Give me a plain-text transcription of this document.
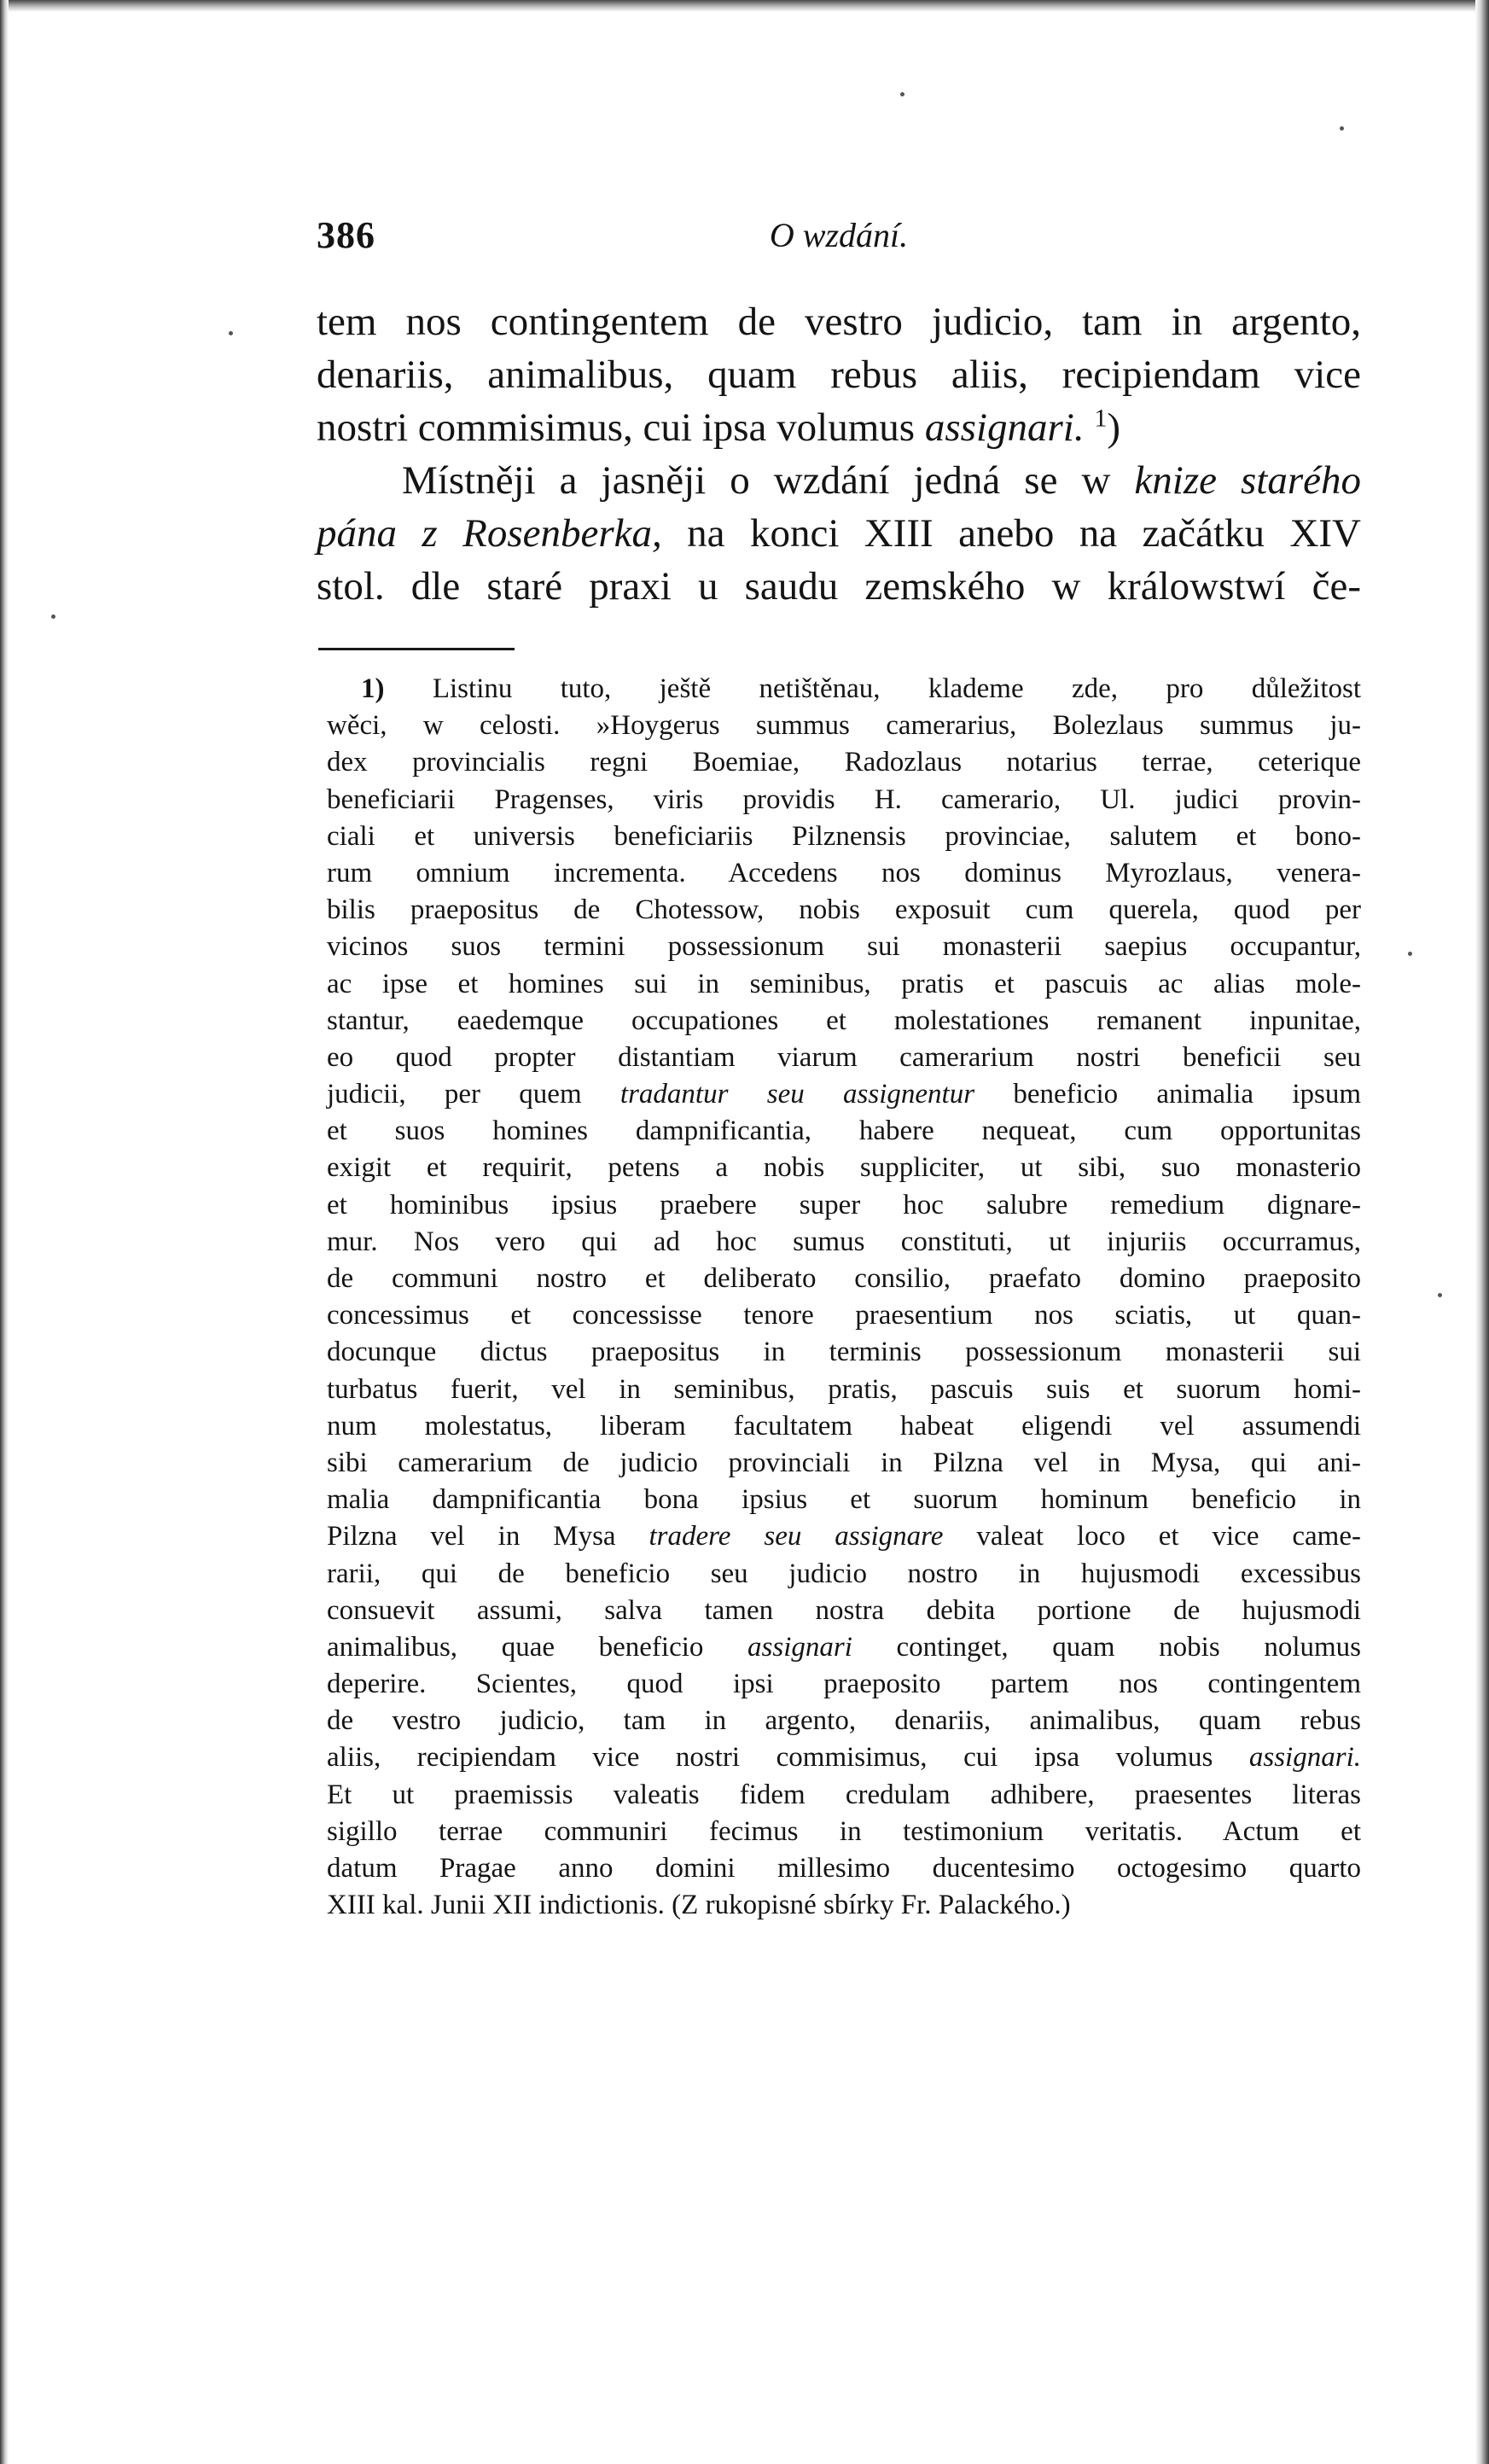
386	O wzdání.
tem nos contingentem de vestro judicio, tam in argento,
denariis, animalibus, quam rebus aliis, recipiendam vice
nostri commisimus, cui ipsa volumus assignari. $^1$)
Místněji a jasněji o wzdání jedná se w knize starého
pána z Rosenberka, na konci XIII anebo na začátku XIV
stol. dle staré praxi u saudu zemského w králowstwí če-
1) Listinu tuto, ještě netištěnau, klademe zde, pro důležitost
wěci, w celosti. »Hoygerus summus camerarius, Bolezlaus summus ju-
dex provincialis regni Boemiae, Radozlaus notarius terrae, ceterique
beneficiarii Pragenses, viris providis H. camerario, Ul. judici provin-
ciali et universis beneficiariis Pilznensis provinciae, salutem et bono-
rum omnium incrementa. Accedens nos dominus Myrozlaus, venera-
bilis praepositus de Chotessow, nobis exposuit cum querela, quod per
vicinos suos termini possessionum sui monasterii saepius occupantur,
ac ipse et homines sui in seminibus, pratis et pascuis ac alias mole-
stantur, eaedemque occupationes et molestationes remanent inpunitae,
eo quod propter distantiam viarum camerarium nostri beneficii seu
judicii, per quem tradantur seu assignentur beneficio animalia ipsum
et suos homines dampnificantia, habere nequeat, cum opportunitas
exigit et requirit, petens a nobis suppliciter, ut sibi, suo monasterio
et hominibus ipsius praebere super hoc salubre remedium dignare-
mur. Nos vero qui ad hoc sumus constituti, ut injuriis occurramus,
de communi nostro et deliberato consilio, praefato domino praeposito
concessimus et concessisse tenore praesentium nos sciatis, ut quan-
docunque dictus praepositus in terminis possessionum monasterii sui
turbatus fuerit, vel in seminibus, pratis, pascuis suis et suorum homi-
num molestatus, liberam facultatem habeat eligendi vel assumendi
sibi camerarium de judicio provinciali in Pilzna vel in Mysa, qui ani-
malia dampnificantia bona ipsius et suorum hominum beneficio in
Pilzna vel in Mysa tradere seu assignare valeat loco et vice came-
rarii, qui de beneficio seu judicio nostro in hujusmodi excessibus
consuevit assumi, salva tamen nostra debita portione de hujusmodi
animalibus, quae beneficio assignari continget, quam nobis nolumus
deperire. Scientes, quod ipsi praeposito partem nos contingentem
de vestro judicio, tam in argento, denariis, animalibus, quam rebus
aliis, recipiendam vice nostri commisimus, cui ipsa volumus assignari.
Et ut praemissis valeatis fidem credulam adhibere, praesentes literas
sigillo terrae communiri fecimus in testimonium veritatis. Actum et
datum Pragae anno domini millesimo ducentesimo octogesimo quarto
XIII kal. Junii XII indictionis. (Z rukopisné sbírky Fr. Palackého.)
